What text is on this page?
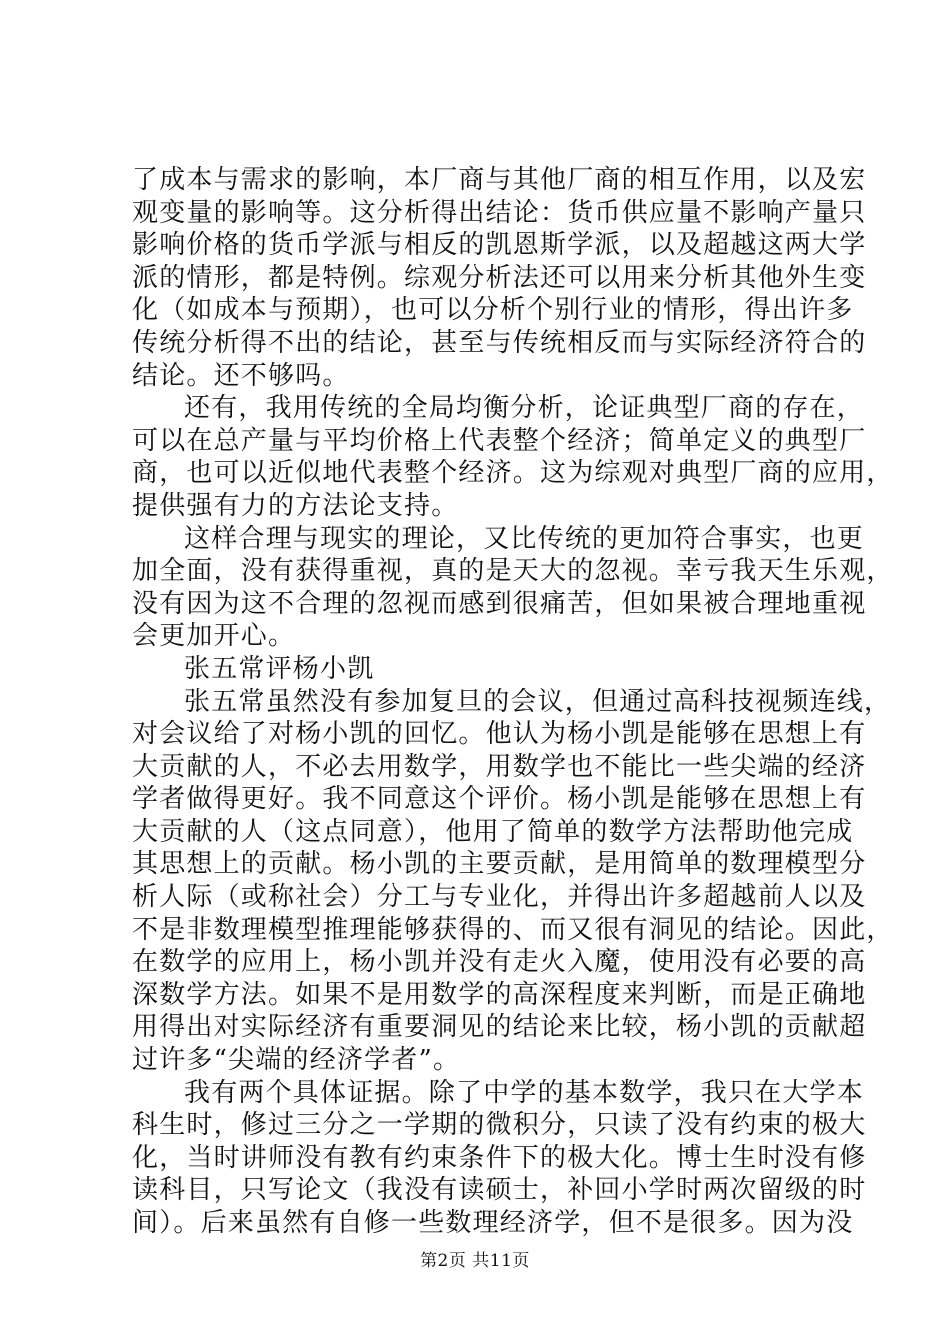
了成本与需求的影响，本厂商与其他厂商的相互作用，以及宏
观变量的影响等。这分析得出结论：货币供应量不影响产量只
影响价格的货币学派与相反的凯恩斯学派，以及超越这两大学
派的情形，都是特例。综观分析法还可以用来分析其他外生变
化（如成本与预期），也可以分析个别行业的情形，得出许多
传统分析得不出的结论，甚至与传统相反而与实际经济符合的
结论。还不够吗。
还有，我用传统的全局均衡分析，论证典型厂商的存在，
可以在总产量与平均价格上代表整个经济；简单定义的典型厂
商，也可以近似地代表整个经济。这为综观对典型厂商的应用，
提供强有力的方法论支持。
这样合理与现实的理论，又比传统的更加符合事实，也更
加全面，没有获得重视，真的是天大的忽视。幸亏我天生乐观，
没有因为这不合理的忽视而感到很痛苦，但如果被合理地重视
会更加开心。
张五常评杨小凯
张五常虽然没有参加复旦的会议，但通过高科技视频连线，
对会议给了对杨小凯的回忆。他认为杨小凯是能够在思想上有
大贡献的人，不必去用数学，用数学也不能比一些尖端的经济
学者做得更好。我不同意这个评价。杨小凯是能够在思想上有
大贡献的人（这点同意），他用了简单的数学方法帮助他完成
其思想上的贡献。杨小凯的主要贡献，是用简单的数理模型分
析人际（或称社会）分工与专业化，并得出许多超越前人以及
不是非数理模型推理能够获得的、而又很有洞见的结论。因此，
在数学的应用上，杨小凯并没有走火入魔，使用没有必要的高
深数学方法。如果不是用数学的高深程度来判断，而是正确地
用得出对实际经济有重要洞见的结论来比较，杨小凯的贡献超
过许多“尖端的经济学者”。
我有两个具体证据。除了中学的基本数学，我只在大学本
科生时，修过三分之一学期的微积分，只读了没有约束的极大
化，当时讲师没有教有约束条件下的极大化。博士生时没有修
读科目，只写论文（我没有读硕士，补回小学时两次留级的时
间）。后来虽然有自修一些数理经济学，但不是很多。因为没
第2页 共11页
